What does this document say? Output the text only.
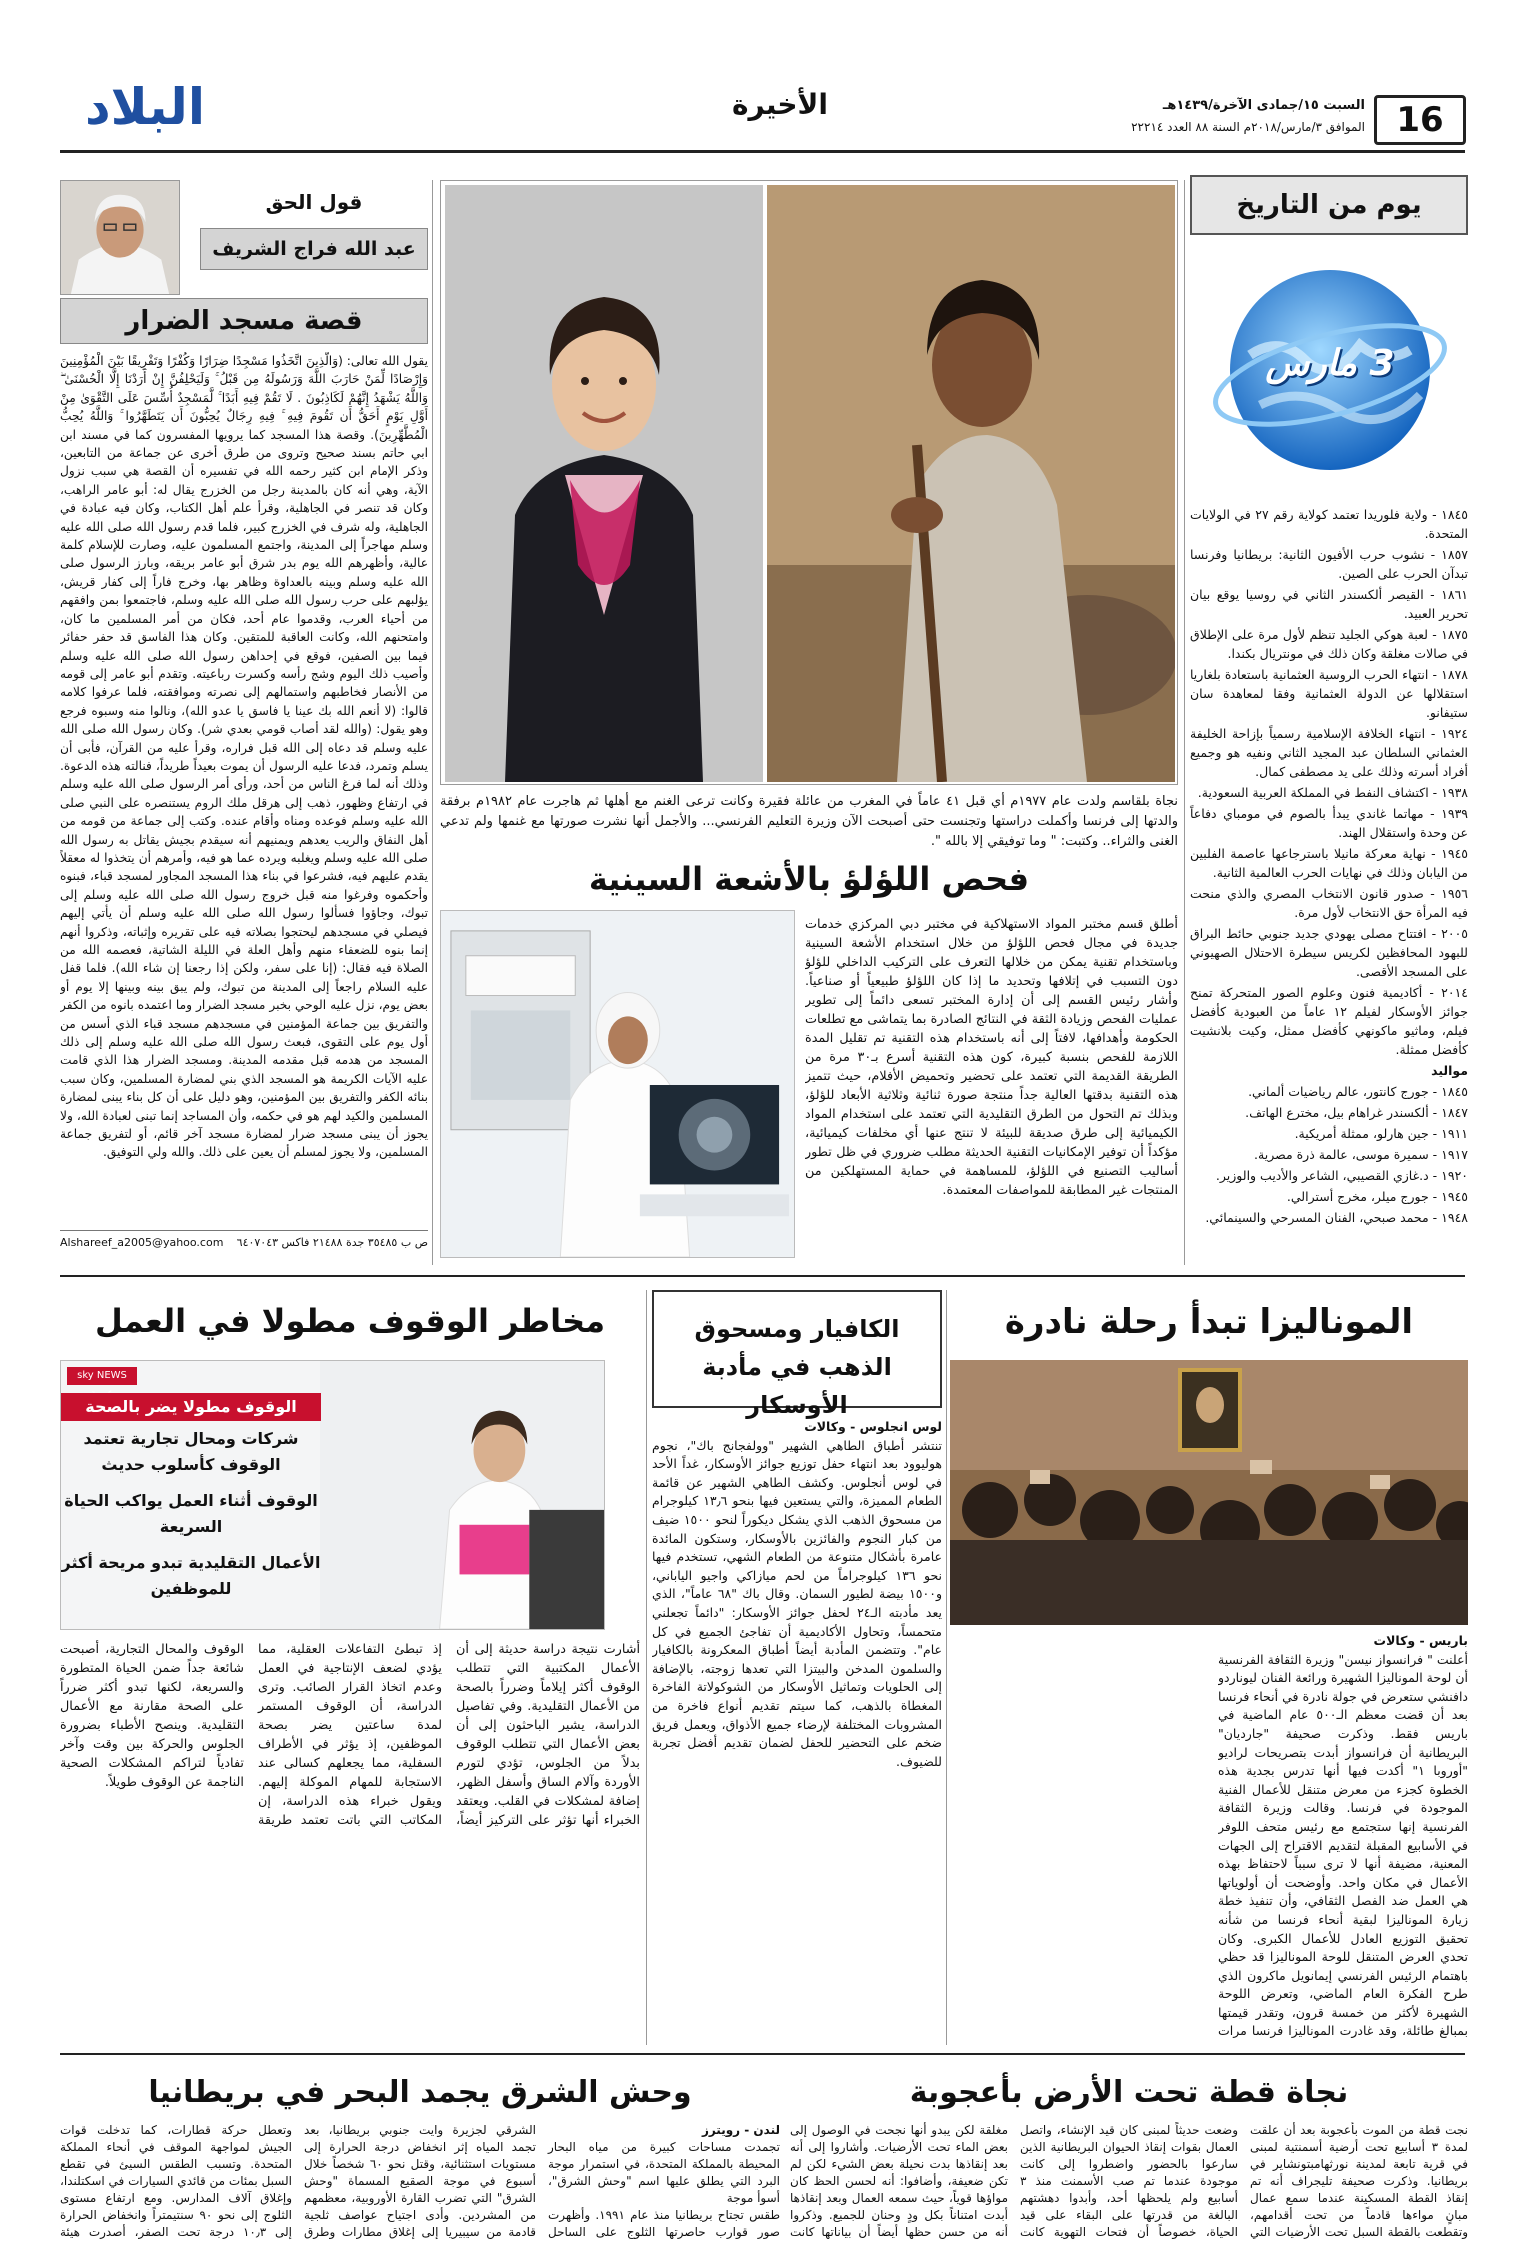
16
السبت ١٥/جمادى الآخرة/١٤٣٩هـ
الموافق ٣/مارس/٢٠١٨م السنة ٨٨ العدد ٢٢٢١٤
الأخيرة
البلاد
يوم من التاريخ
3 مارس
١٨٤٥ - ولاية فلوريدا تعتمد كولاية رقم ٢٧ في الولايات المتحدة.
١٨٥٧ - نشوب حرب الأفيون الثانية: بريطانيا وفرنسا تبدآن الحرب على الصين.
١٨٦١ - القيصر ألكسندر الثاني في روسيا يوقع بيان تحرير العبيد.
١٨٧٥ - لعبة هوكي الجليد تنظم لأول مرة على الإطلاق في صالات مغلقة وكان ذلك في مونتريال بكندا.
١٨٧٨ - انتهاء الحرب الروسية العثمانية باستعادة بلغاريا استقلالها عن الدولة العثمانية وفقا لمعاهدة سان ستيفانو.
١٩٢٤ - انتهاء الخلافة الإسلامية رسمياً بإزاحة الخليفة العثماني السلطان عبد المجيد الثاني ونفيه هو وجميع أفراد أسرته وذلك على يد مصطفى كمال.
١٩٣٨ - اكتشاف النفط في المملكة العربية السعودية.
١٩٣٩ - مهاتما غاندي يبدأ بالصوم في مومباي دفاعاً عن وحدة واستقلال الهند.
١٩٤٥ - نهاية معركة مانيلا باسترجاعها عاصمة الفلبين من اليابان وذلك في نهايات الحرب العالمية الثانية.
١٩٥٦ - صدور قانون الانتخاب المصري والذي منحت فيه المرأة حق الانتخاب لأول مرة.
٢٠٠٥ - افتتاح مصلى يهودي جديد جنوبي حائط البراق للبهود المحافظين لكريس سيطرة الاحتلال الصهيوني على المسجد الأقصى.
٢٠١٤ - أكاديمية فنون وعلوم الصور المتحركة تمنح جوائز الأوسكار لفيلم ١٢ عاماً من العبودية كأفضل فيلم، وماثيو ماكونهي كأفضل ممثل، وكيت بلانشيت كأفضل ممثلة.
مواليد
١٨٤٥ - جورج كانتور، عالم رياضيات ألماني.
١٨٤٧ - ألكسندر غراهام بيل، مخترع الهاتف.
١٩١١ - جين هارلو، ممثلة أمريكية.
١٩١٧ - سميرة موسى، عالمة ذرة مصرية.
١٩٢٠ - د.غازي القصيبي، الشاعر والأديب والوزير.
١٩٤٥ - جورج ميلر، مخرج أسترالي.
١٩٤٨ - محمد صبحي، الفنان المسرحي والسينمائي.
نجاة بلقاسم ولدت عام ١٩٧٧م أي قبل ٤١ عاماً في المغرب من عائلة فقيرة وكانت ترعى الغنم مع أهلها ثم هاجرت عام ١٩٨٢م برفقة والدتها إلى فرنسا وأكملت دراستها وتجنست حتى أصبحت الآن وزيرة التعليم الفرنسي... والأجمل أنها نشرت صورتها مع غنمها ولم تدعي الغنى والثراء.. وكتبت: " وما توفيقي إلا بالله ".
قول الحق
عبد الله فراج الشريف
قصة مسجد الضرار
يقول الله تعالى: (وَالَّذِينَ اتَّخَذُوا مَسْجِدًا ضِرَارًا وَكُفْرًا وَتَفْرِيقًا بَيْنَ الْمُؤْمِنِينَ وَإِرْصَادًا لِّمَنْ حَارَبَ اللَّهَ وَرَسُولَهُ مِن قَبْلُ ۚ وَلَيَحْلِفُنَّ إِنْ أَرَدْنَا إِلَّا الْحُسْنَىٰ ۖ وَاللَّهُ يَشْهَدُ إِنَّهُمْ لَكَاذِبُونَ . لَا تَقُمْ فِيهِ أَبَدًا ۚ لَّمَسْجِدٌ أُسِّسَ عَلَى التَّقْوَىٰ مِنْ أَوَّلِ يَوْمٍ أَحَقُّ أَن تَقُومَ فِيهِ ۚ فِيهِ رِجَالٌ يُحِبُّونَ أَن يَتَطَهَّرُوا ۚ وَاللَّهُ يُحِبُّ الْمُطَّهِّرِينَ). وقصة هذا المسجد كما يرويها المفسرون كما في مسند ابن ابي حاتم بسند صحيح وتروى من طرق أخرى عن جماعة من التابعين، وذكر الإمام ابن كثير رحمه الله في تفسيره أن القصة هي سبب نزول الآية، وهي أنه كان بالمدينة رجل من الخزرج يقال له: أبو عامر الراهب، وكان قد تنصر في الجاهلية، وقرأ علم أهل الكتاب، وكان فيه عبادة في الجاهلية، وله شرف في الخزرج كبير، فلما قدم رسول الله صلى الله عليه وسلم مهاجراً إلى المدينة، واجتمع المسلمون عليه، وصارت للإسلام كلمة عالية، وأظهرهم الله يوم بدر شرق أبو عامر بريقه، وبارز الرسول صلى الله عليه وسلم وبينه بالعداوة وظاهر بها، وخرج فاراً إلى كفار قريش، يؤلبهم على حرب رسول الله صلى الله عليه وسلم، فاجتمعوا بمن وافقهم من أحياء العرب، وقدموا عام أحد، فكان من أمر المسلمين ما كان، وامتحنهم الله، وكانت العاقبة للمتقين. وكان هذا الفاسق قد حفر حفائر فيما بين الصفين، فوقع في إحداهن رسول الله صلى الله عليه وسلم وأصيب ذلك اليوم وشج رأسه وكسرت رباعيته. وتقدم أبو عامر إلى قومه من الأنصار فخاطبهم واستمالهم إلى نصرته وموافقته، فلما عرفوا كلامه قالوا: (لا أنعم الله بك عينا يا فاسق يا عدو الله)، ونالوا منه وسبوه فرجع وهو يقول: (والله لقد أصاب قومي بعدي شر). وكان رسول الله صلى الله عليه وسلم قد دعاه إلى الله قبل فراره، وقرأ عليه من القرآن، فأبى أن يسلم وتمرد، فدعا عليه الرسول أن يموت بعيداً طريداً، فنالته هذه الدعوة. وذلك أنه لما فرغ الناس من أحد، ورأى أمر الرسول صلى الله عليه وسلم في ارتفاع وظهور، ذهب إلى هرقل ملك الروم يستنصره على النبي صلى الله عليه وسلم فوعده ومناه وأقام عنده. وكتب إلى جماعة من قومه من أهل النفاق والريب يعدهم ويمنيهم أنه سيقدم بجيش يقاتل به رسول الله صلى الله عليه وسلم ويغلبه ويرده عما هو فيه، وأمرهم أن يتخذوا له معقلاً يقدم عليهم فيه، فشرعوا في بناء هذا المسجد المجاور لمسجد قباء، فبنوه وأحكموه وفرغوا منه قبل خروج رسول الله صلى الله عليه وسلم إلى تبوك، وجاؤوا فسألوا رسول الله صلى الله عليه وسلم أن يأتي إليهم فيصلي في مسجدهم ليحتجوا بصلاته فيه على تقريره وإثباته، وذكروا أنهم إنما بنوه للضعفاء منهم وأهل العلة في الليلة الشاتية، فعصمه الله من الصلاة فيه فقال: (إنا على سفر، ولكن إذا رجعنا إن شاء الله). فلما قفل عليه السلام راجعاً إلى المدينة من تبوك، ولم يبق بينه وبينها إلا يوم أو بعض يوم، نزل عليه الوحي بخبر مسجد الضرار وما اعتمده بانوه من الكفر والتفريق بين جماعة المؤمنين في مسجدهم مسجد قباء الذي أسس من أول يوم على التقوى، فبعث رسول الله صلى الله عليه وسلم إلى ذلك المسجد من هدمه قبل مقدمه المدينة. ومسجد الضرار هذا الذي قامت عليه الآيات الكريمة هو المسجد الذي بني لمضارة المسلمين، وكان سبب بنائه الكفر والتفريق بين المؤمنين، وهو دليل على أن كل بناء يبنى لمضارة المسلمين والكيد لهم هو في حكمه، وأن المساجد إنما تبنى لعبادة الله، ولا يجوز أن يبنى مسجد ضرار لمضارة مسجد آخر قائم، أو لتفريق جماعة المسلمين، ولا يجوز لمسلم أن يعين على ذلك. والله ولي التوفيق.
Alshareef_a2005@yahoo.com ص ب ٣٥٤٨٥ جدة ٢١٤٨٨ فاكس ٦٤٠٧٠٤٣
فحص اللؤلؤ بالأشعة السينية
أطلق قسم مختبر المواد الاستهلاكية في مختبر دبي المركزي خدمات جديدة في مجال فحص اللؤلؤ من خلال استخدام الأشعة السينية وباستخدام تقنية يمكن من خلالها التعرف على التركيب الداخلي للؤلؤ دون التسبب في إتلافها وتحديد ما إذا كان اللؤلؤ طبيعياً أو صناعياً. وأشار رئيس القسم إلى أن إدارة المختبر تسعى دائماً إلى تطوير عمليات الفحص وزيادة الثقة في النتائج الصادرة بما يتماشى مع تطلعات الحكومة وأهدافها، لافتاً إلى أنه باستخدام هذه التقنية تم تقليل المدة اللازمة للفحص بنسبة كبيرة، كون هذه التقنية أسرع بـ٣٠ مرة من الطريقة القديمة التي تعتمد على تحضير وتحميض الأفلام، حيث تتميز هذه التقنية بدقتها العالية جداً منتجة صورة ثنائية وثلاثية الأبعاد للؤلؤ، وبذلك تم التحول من الطرق التقليدية التي تعتمد على استخدام المواد الكيميائية إلى طرق صديقة للبيئة لا تنتج عنها أي مخلفات كيميائية، مؤكداً أن توفير الإمكانيات التقنية الحديثة مطلب ضروري في ظل تطور أساليب التصنيع في اللؤلؤ، للمساهمة في حماية المستهلكين من المنتجات غير المطابقة للمواصفات المعتمدة.
الموناليزا تبدأ رحلة نادرة
باريس - وكالات
أعلنت " فرانسواز نيسن" وزيرة الثقافة الفرنسية أن لوحة الموناليزا الشهيرة ورائعة الفنان ليوناردو دافنشي ستعرض في جولة نادرة في أنحاء فرنسا بعد أن قضت معظم الـ٥٠٠ عام الماضية في باريس فقط. وذكرت صحيفة "جارديان" البريطانية أن فرانسواز أبدت بتصريحات لراديو "أوروبا ١" أكدت فيها أنها تدرس بجدية هذه الخطوة كجزء من معرض متنقل للأعمال الفنية الموجودة في فرنسا. وقالت وزيرة الثقافة الفرنسية إنها ستجتمع مع رئيس متحف اللوفر في الأسابيع المقبلة لتقديم الاقتراح إلى الجهات المعنية، مضيفة أنها لا ترى سبباً لاحتفاظ بهذه الأعمال في مكان واحد. وأوضحت أن أولوياتها هي العمل ضد الفصل الثقافي، وأن تنفيذ خطة زيارة الموناليزا لبقية أنحاء فرنسا من شأنه تحقيق التوزيع العادل للأعمال الكبرى. وكان تحدي العرض المتنقل للوحة الموناليزا قد حظي باهتمام الرئيس الفرنسي إيمانويل ماكرون الذي طرح الفكرة العام الماضي، وتعرض اللوحة الشهيرة لأكثر من خمسة قرون، وتقدر قيمتها بمبالغ طائلة، وقد غادرت الموناليزا فرنسا مرات
الكافيار ومسحوق الذهب في مأدبة الأوسكار
لوس انجلوس - وكالات
تنتشر أطباق الطاهي الشهير "وولفجانج باك"، نجوم هوليوود بعد انتهاء حفل توزيع جوائز الأوسكار، غداً الأحد في لوس أنجلوس. وكشف الطاهي الشهير عن قائمة الطعام المميزة، والتي يستعين فيها بنحو ١٣٫٦ كيلوجرام من مسحوق الذهب الذي يشكل ديكوراً لنحو ١٥٠٠ ضيف من كبار النجوم والفائزين بالأوسكار، وستكون المائدة عامرة بأشكال متنوعة من الطعام الشهي، تستخدم فيها نحو ١٣٦ كيلوجراماً من لحم ميازاكي واجيو الياباني، و١٥٠٠ بيضة لطيور السمان. وقال باك "٦٨ عاماً"، الذي يعد مأدبته الـ٢٤ لحفل جوائز الأوسكار: "دائماً تجعلني متحمساً، وتحاول الأكاديمية أن تفاجئ الجميع في كل عام". وتتضمن المأدبة أيضاً أطباق المعكرونة بالكافيار والسلمون المدخن والبيتزا التي تعدها زوجته، بالإضافة إلى الحلويات وتماثيل الأوسكار من الشوكولاتة الفاخرة المغطاة بالذهب، كما سيتم تقديم أنواع فاخرة من المشروبات المختلفة لإرضاء جميع الأذواق، ويعمل فريق ضخم على التحضير للحفل لضمان تقديم أفضل تجربة للضيوف.
مخاطر الوقوف مطولا في العمل
sky NEWS
الوقوف مطولا يضر بالصحة
شركات ومحال تجارية تعتمد
الوقوف كأسلوب حديث
الوقوف أثناء العمل يواكب الحياة
السريعة
الأعمال التقليدية تبدو مريحة أكثر
للموظفين
أشارت نتيجة دراسة حديثة إلى أن الأعمال المكتبية التي تتطلب الوقوف أكثر إيلاماً وضرراً بالصحة من الأعمال التقليدية. وفي تفاصيل الدراسة، يشير الباحثون إلى أن بعض الأعمال التي تتطلب الوقوف بدلاً من الجلوس، تؤدي لتورم الأوردة وآلام الساق وأسفل الظهر، إضافة لمشكلات في القلب. ويعتقد الخبراء أنها تؤثر على التركيز أيضاً، إذ تبطئ التفاعلات العقلية، مما يؤدي لضعف الإنتاجية في العمل وعدم اتخاذ القرار الصائب. وترى الدراسة، أن الوقوف المستمر لمدة ساعتين يضر بصحة الموظفين، إذ يؤثر في الأطراف السفلية، مما يجعلهم كسالى عند الاستجابة للمهام الموكلة إليهم. ويقول خبراء هذه الدراسة، إن المكاتب التي باتت تعتمد طريقة الوقوف والمحال التجارية، أصبحت شائعة جداً ضمن الحياة المتطورة والسريعة، لكنها تبدو أكثر ضرراً على الصحة مقارنة مع الأعمال التقليدية. وينصح الأطباء بضرورة الجلوس والحركة بين وقت وآخر تفادياً لتراكم المشكلات الصحية الناجمة عن الوقوف طويلاً.
نجاة قطة تحت الأرض بأعجوبة
نجت قطة من الموت بأعجوبة بعد أن علقت لمدة ٣ أسابيع تحت أرضية أسمنتية لمبنى في قرية تابعة لمدينة نورثهامبتونشاير في بريطانيا. وذكرت صحيفة تليجراف أنه تم إنقاذ القطة المسكينة عندما سمع عمال مبانٍ مواءها قادماً من تحت أقدامهم، وتقطعت بالقطة السبل تحت الأرضيات التي وضعت حديثاً لمبنى كان قيد الإنشاء، واتصل العمال بقوات إنقاذ الحيوان البريطانية الذين سارعوا بالحضور واضطروا إلى كانت موجودة عندما تم صب الأسمنت منذ ٣ أسابيع ولم يلحظها أحد، وأبدوا دهشتهم البالغة من قدرتها على البقاء على قيد الحياة، خصوصاً أن فتحات التهوية كانت مغلقة لكن يبدو أنها نجحت في الوصول إلى بعض الماء تحت الأرضيات. وأشاروا إلى أنه بعد إنقاذها بدت نحيلة بعض الشيء لكن لم تكن ضعيفة، وأضافوا: أنه لحسن الحظ كان مواؤها قوياً، حيث سمعه العمال وبعد إنقاذها أبدت امتناناً بكل ودٍ وحنان للجميع. وذكروا أنه من حسن حظها أيضاً أن بياناتها كانت
وحش الشرق يجمد البحر في بريطانيا
لندن - رويترز
تجمدت مساحات كبيرة من مياه البحار المحيطة بالمملكة المتحدة، في استمرار موجة البرد التي يطلق عليها اسم "وحش الشرق"، أسوأ موجة
طقس تجتاح بريطانيا منذ عام ١٩٩١. وأظهرت صور قوارب حاصرتها الثلوج على الساحل الشرقي لجزيرة وايت جنوبي بريطانيا، بعد تجمد المياه إثر انخفاض درجة الحرارة إلى مستويات استثنائية، وقتل نحو ٦٠ شخصاً خلال أسبوع في موجة الصقيع المسماة "وحش الشرق" التي تضرب القارة الأوروبية، معظمهم من المشردين. وأدى اجتياح عواصف ثلجية قادمة من سيبيريا إلى إغلاق مطارات وطرق وتعطل حركة قطارات، كما تدخلت قوات الجيش لمواجهة الموقف في أنحاء المملكة المتحدة. وتسبب الطقس السيئ في تقطع السبل بمئات من قائدي السيارات في اسكتلندا، وإغلاق آلاف المدارس. ومع ارتفاع مستوى الثلوج إلى نحو ٩٠ سنتيمتراً وانخفاض الحرارة إلى ١٠٫٣ درجة تحت الصفر، أصدرت هيئة
